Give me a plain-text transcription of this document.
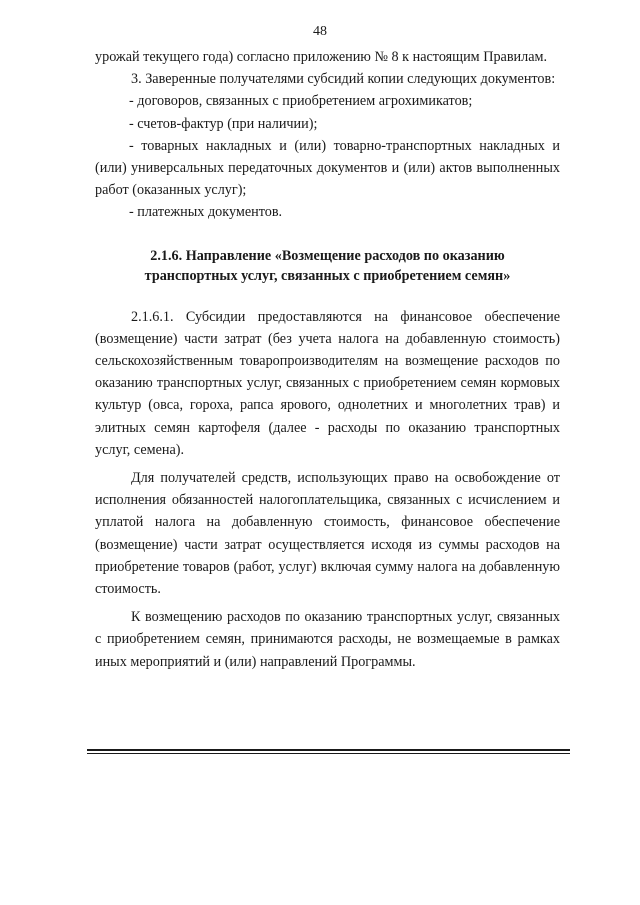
48

урожай текущего года) согласно приложению № 8 к настоящим Правилам.

3. Заверенные получателями субсидий копии следующих документов:

- договоров, связанных с приобретением агрохимикатов;

- счетов-фактур (при наличии);

- товарных накладных и (или) товарно-транспортных накладных и (или) универсальных передаточных документов и (или) актов выполненных работ (оказанных услуг);

- платежных документов.

2.1.6. Направление «Возмещение расходов по оказанию
транспортных услуг, связанных с приобретением семян»

2.1.6.1. Субсидии предоставляются на финансовое обеспечение (возмещение) части затрат (без учета налога на добавленную стоимость) сельскохозяйственным товаропроизводителям на возмещение расходов по оказанию транспортных услуг, связанных с приобретением семян кормовых культур (овса, гороха, рапса ярового, однолетних и многолетних трав) и элитных семян картофеля (далее - расходы по оказанию транспортных услуг, семена).

Для получателей средств, использующих право на освобождение от исполнения обязанностей налогоплательщика, связанных с исчислением и уплатой налога на добавленную стоимость, финансовое обеспечение (возмещение) части затрат осуществляется исходя из суммы расходов на приобретение товаров (работ, услуг) включая сумму налога на добавленную стоимость.

К возмещению расходов по оказанию транспортных услуг, связанных с приобретением семян, принимаются расходы, не возмещаемые в рамках иных мероприятий и (или) направлений Программы.
